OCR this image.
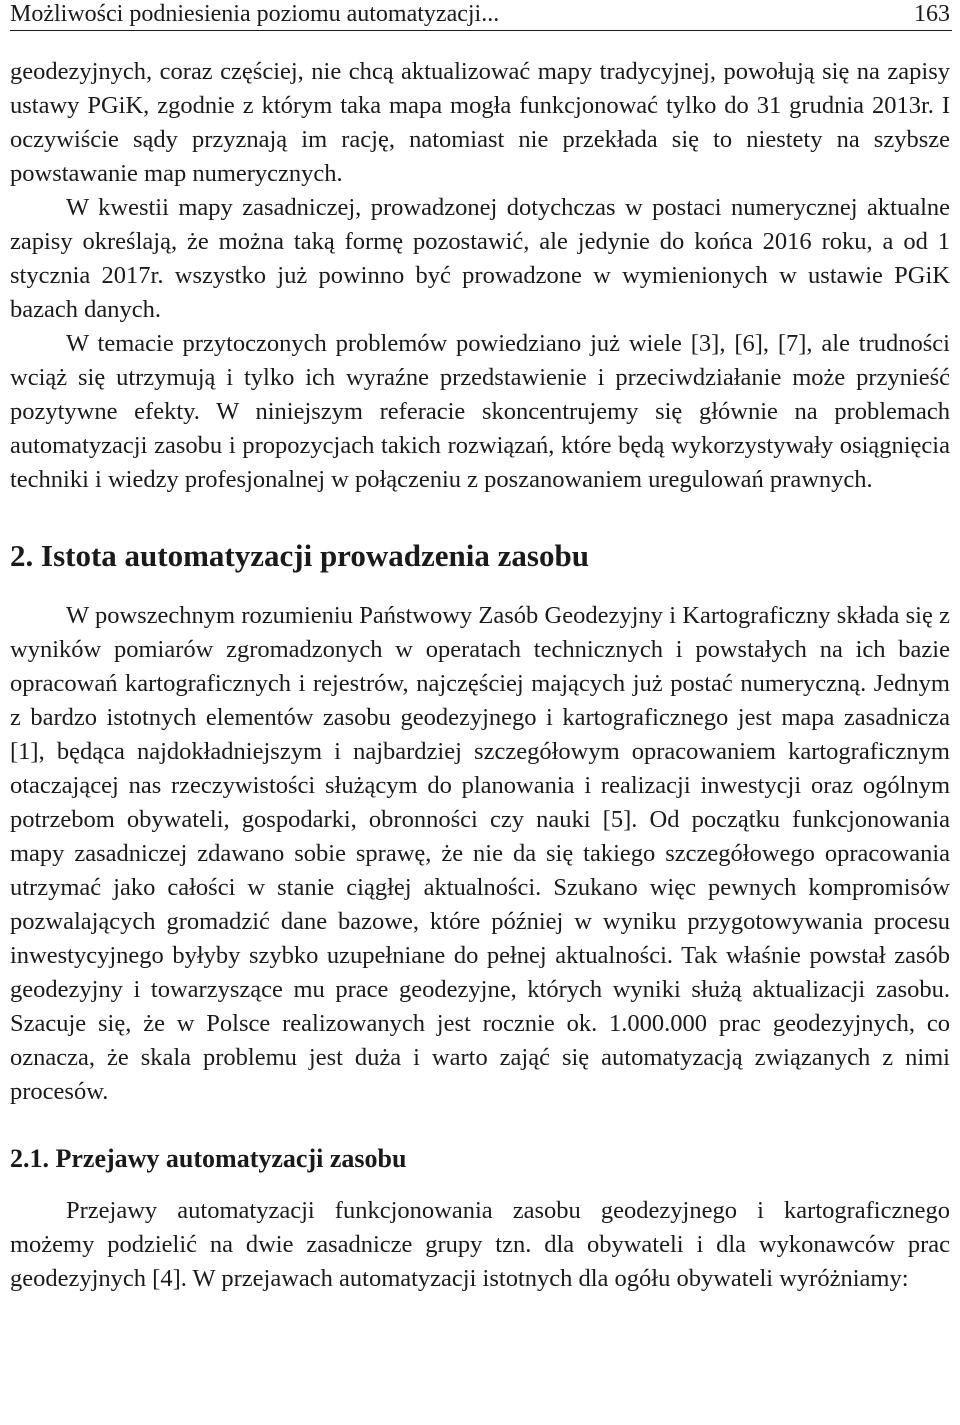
Możliwości podniesienia poziomu automatyzacji...	163

geodezyjnych, coraz częściej, nie chcą aktualizować mapy tradycyjnej, powołują się na zapisy ustawy PGiK, zgodnie z którym taka mapa mogła funkcjonować tylko do 31 grudnia 2013r. I oczywiście sądy przyznają im rację, natomiast nie przekłada się to niestety na szybsze powstawanie map numerycznych.

W kwestii mapy zasadniczej, prowadzonej dotychczas w postaci numerycznej aktualne zapisy określają, że można taką formę pozostawić, ale jedynie do końca 2016 roku, a od 1 stycznia 2017r. wszystko już powinno być prowadzone w wymienionych w ustawie PGiK bazach danych.

W temacie przytoczonych problemów powiedziano już wiele [3], [6], [7], ale trudności wciąż się utrzymują i tylko ich wyraźne przedstawienie i przeciwdziałanie może przynieść pozytywne efekty. W niniejszym referacie skoncentrujemy się głównie na problemach automatyzacji zasobu i propozycjach takich rozwiązań, które będą wykorzystywały osiągnięcia techniki i wiedzy profesjonalnej w połączeniu z poszanowaniem uregulowań prawnych.

2. Istota automatyzacji prowadzenia zasobu

W powszechnym rozumieniu Państwowy Zasób Geodezyjny i Kartograficzny składa się z wyników pomiarów zgromadzonych w operatach technicznych i powstałych na ich bazie opracowań kartograficznych i rejestrów, najczęściej mających już postać numeryczną. Jednym z bardzo istotnych elementów zasobu geodezyjnego i kartograficznego jest mapa zasadnicza [1], będąca najdokładniejszym i najbardziej szczegółowym opracowaniem kartograficznym otaczającej nas rzeczywistości służącym do planowania i realizacji inwestycji oraz ogólnym potrzebom obywateli, gospodarki, obronności czy nauki [5]. Od początku funkcjonowania mapy zasadniczej zdawano sobie sprawę, że nie da się takiego szczegółowego opracowania utrzymać jako całości w stanie ciągłej aktualności. Szukano więc pewnych kompromisów pozwalających gromadzić dane bazowe, które później w wyniku przygotowywania procesu inwestycyjnego byłyby szybko uzupełniane do pełnej aktualności. Tak właśnie powstał zasób geodezyjny i towarzyszące mu prace geodezyjne, których wyniki służą aktualizacji zasobu. Szacuje się, że w Polsce realizowanych jest rocznie ok. 1.000.000 prac geodezyjnych, co oznacza, że skala problemu jest duża i warto zająć się automatyzacją związanych z nimi procesów.

2.1. Przejawy automatyzacji zasobu

Przejawy automatyzacji funkcjonowania zasobu geodezyjnego i kartograficznego możemy podzielić na dwie zasadnicze grupy tzn. dla obywateli i dla wykonawców prac geodezyjnych [4]. W przejawach automatyzacji istotnych dla ogółu obywateli wyróżniamy:
